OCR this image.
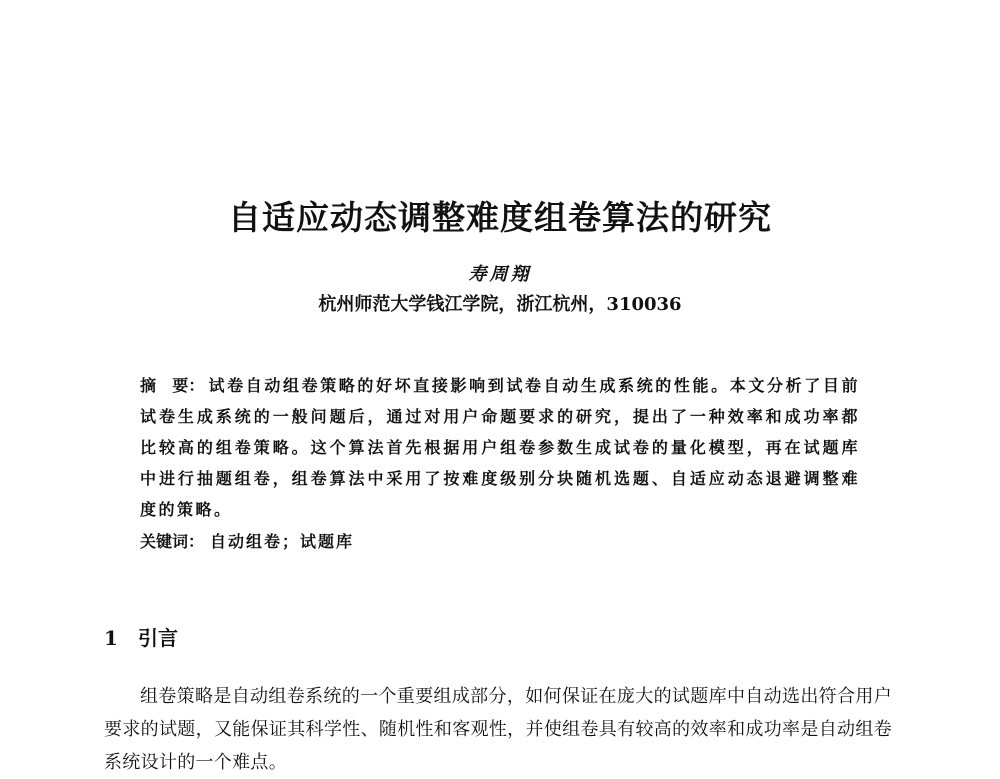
自适应动态调整难度组卷算法的研究
寿周翔
杭州师范大学钱江学院，浙江杭州，310036
摘　要： 试卷自动组卷策略的好坏直接影响到试卷自动生成系统的性能。本文分析了目前试卷生成系统的一般问题后，通过对用户命题要求的研究，提出了一种效率和成功率都比较高的组卷策略。这个算法首先根据用户组卷参数生成试卷的量化模型，再在试题库中进行抽题组卷，组卷算法中采用了按难度级别分块随机选题、自适应动态退避调整难度的策略。
关键词： 自动组卷；试题库
1 引言
组卷策略是自动组卷系统的一个重要组成部分，如何保证在庞大的试题库中自动选出符合用户要求的试题，又能保证其科学性、随机性和客观性，并使组卷具有较高的效率和成功率是自动组卷系统设计的一个难点。
